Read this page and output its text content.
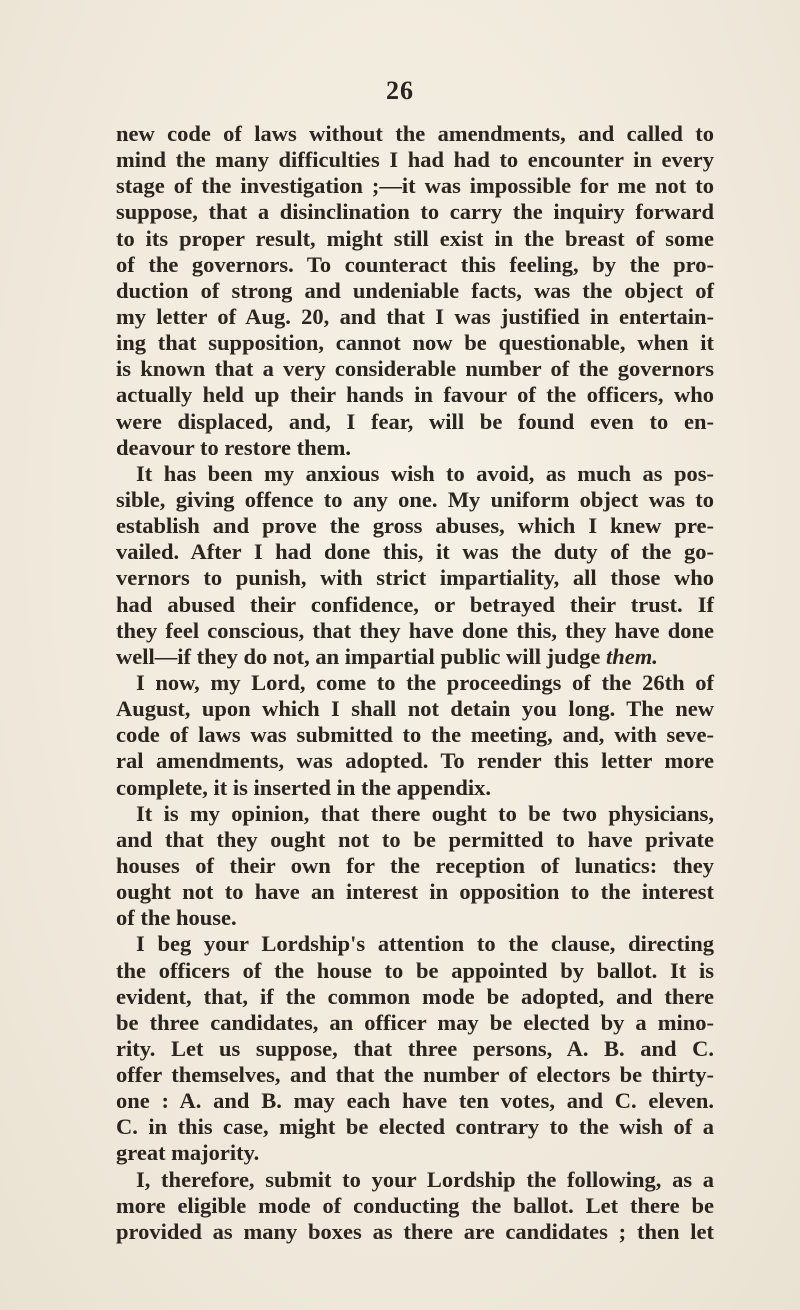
26
new code of laws without the amendments, and called to
mind the many difficulties I had had to encounter in every
stage of the investigation ;—it was impossible for me not to
suppose, that a disinclination to carry the inquiry forward
to its proper result, might still exist in the breast of some
of the governors. To counteract this feeling, by the pro-
duction of strong and undeniable facts, was the object of
my letter of Aug. 20, and that I was justified in entertain-
ing that supposition, cannot now be questionable, when it
is known that a very considerable number of the governors
actually held up their hands in favour of the officers, who
were displaced, and, I fear, will be found even to en-
deavour to restore them.
It has been my anxious wish to avoid, as much as pos-
sible, giving offence to any one. My uniform object was to
establish and prove the gross abuses, which I knew pre-
vailed. After I had done this, it was the duty of the go-
vernors to punish, with strict impartiality, all those who
had abused their confidence, or betrayed their trust. If
they feel conscious, that they have done this, they have done
well—if they do not, an impartial public will judge them.
I now, my Lord, come to the proceedings of the 26th of
August, upon which I shall not detain you long. The new
code of laws was submitted to the meeting, and, with seve-
ral amendments, was adopted. To render this letter more
complete, it is inserted in the appendix.
It is my opinion, that there ought to be two physicians,
and that they ought not to be permitted to have private
houses of their own for the reception of lunatics: they
ought not to have an interest in opposition to the interest
of the house.
I beg your Lordship's attention to the clause, directing
the officers of the house to be appointed by ballot. It is
evident, that, if the common mode be adopted, and there
be three candidates, an officer may be elected by a mino-
rity. Let us suppose, that three persons, A. B. and C.
offer themselves, and that the number of electors be thirty-
one : A. and B. may each have ten votes, and C. eleven.
C. in this case, might be elected contrary to the wish of a
great majority.
I, therefore, submit to your Lordship the following, as a
more eligible mode of conducting the ballot. Let there be
provided as many boxes as there are candidates ; then let
